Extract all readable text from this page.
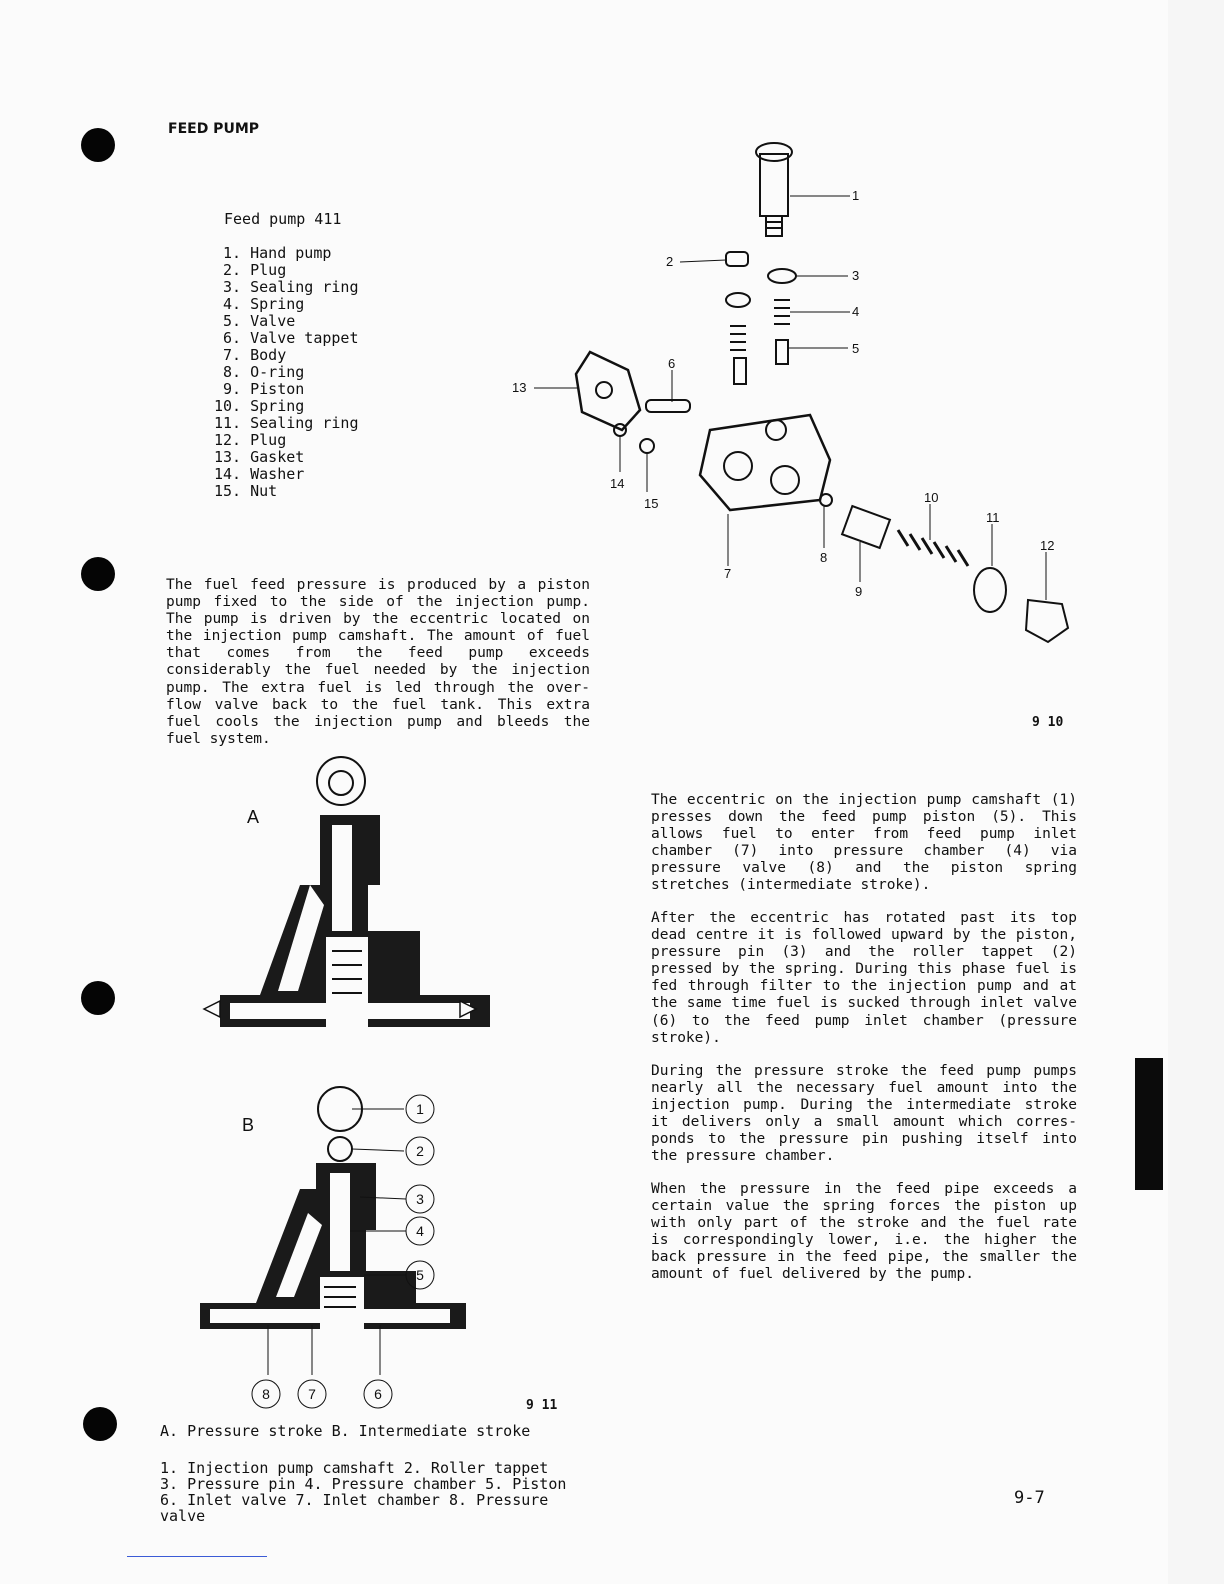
FEED PUMP
Feed pump 411
1. Hand pump
2. Plug
3. Sealing ring
4. Spring
5. Valve
6. Valve tappet
7. Body
8. O-ring
9. Piston
10. Spring
11. Sealing ring
12. Plug
13. Gasket
14. Washer
15. Nut
1
2
3
4
5
6
7
8
9
10
11
12
13
14
15
9 10

The fuel feed pressure is produced by a piston pump fixed to the side of the injection pump. The pump is driven by the eccentric located on the injection pump camshaft. The amount of fuel that comes from the feed pump exceeds considerably the fuel needed by the injection pump. The extra fuel is led through the over-flow valve back to the fuel tank. This extra fuel cools the injection pump and bleeds the fuel system.

A
B
1
2
3
4
5
8	7	6
9 11
A. Pressure stroke B. Intermediate stroke
1. Injection pump camshaft 2. Roller tappet
3. Pressure pin 4. Pressure chamber 5. Piston
6. Inlet valve 7. Inlet chamber 8. Pressure
valve

The eccentric on the injection pump camshaft (1) presses down the feed pump piston (5). This allows fuel to enter from feed pump inlet chamber (7) into pressure chamber (4) via pressure valve (8) and the piston spring stretches (intermediate stroke).

After the eccentric has rotated past its top dead centre it is followed upward by the piston, pressure pin (3) and the roller tappet (2) pressed by the spring. During this phase fuel is fed through filter to the injection pump and at the same time fuel is sucked through inlet valve (6) to the feed pump inlet chamber (pressure stroke).

During the pressure stroke the feed pump pumps nearly all the necessary fuel amount into the injection pump. During the intermediate stroke it delivers only a small amount which corres-ponds to the pressure pin pushing itself into the pressure chamber.

When the pressure in the feed pipe exceeds a certain value the spring forces the piston up with only part of the stroke and the fuel rate is correspondingly lower, i.e. the higher the back pressure in the feed pipe, the smaller the amount of fuel delivered by the pump.

9-7
